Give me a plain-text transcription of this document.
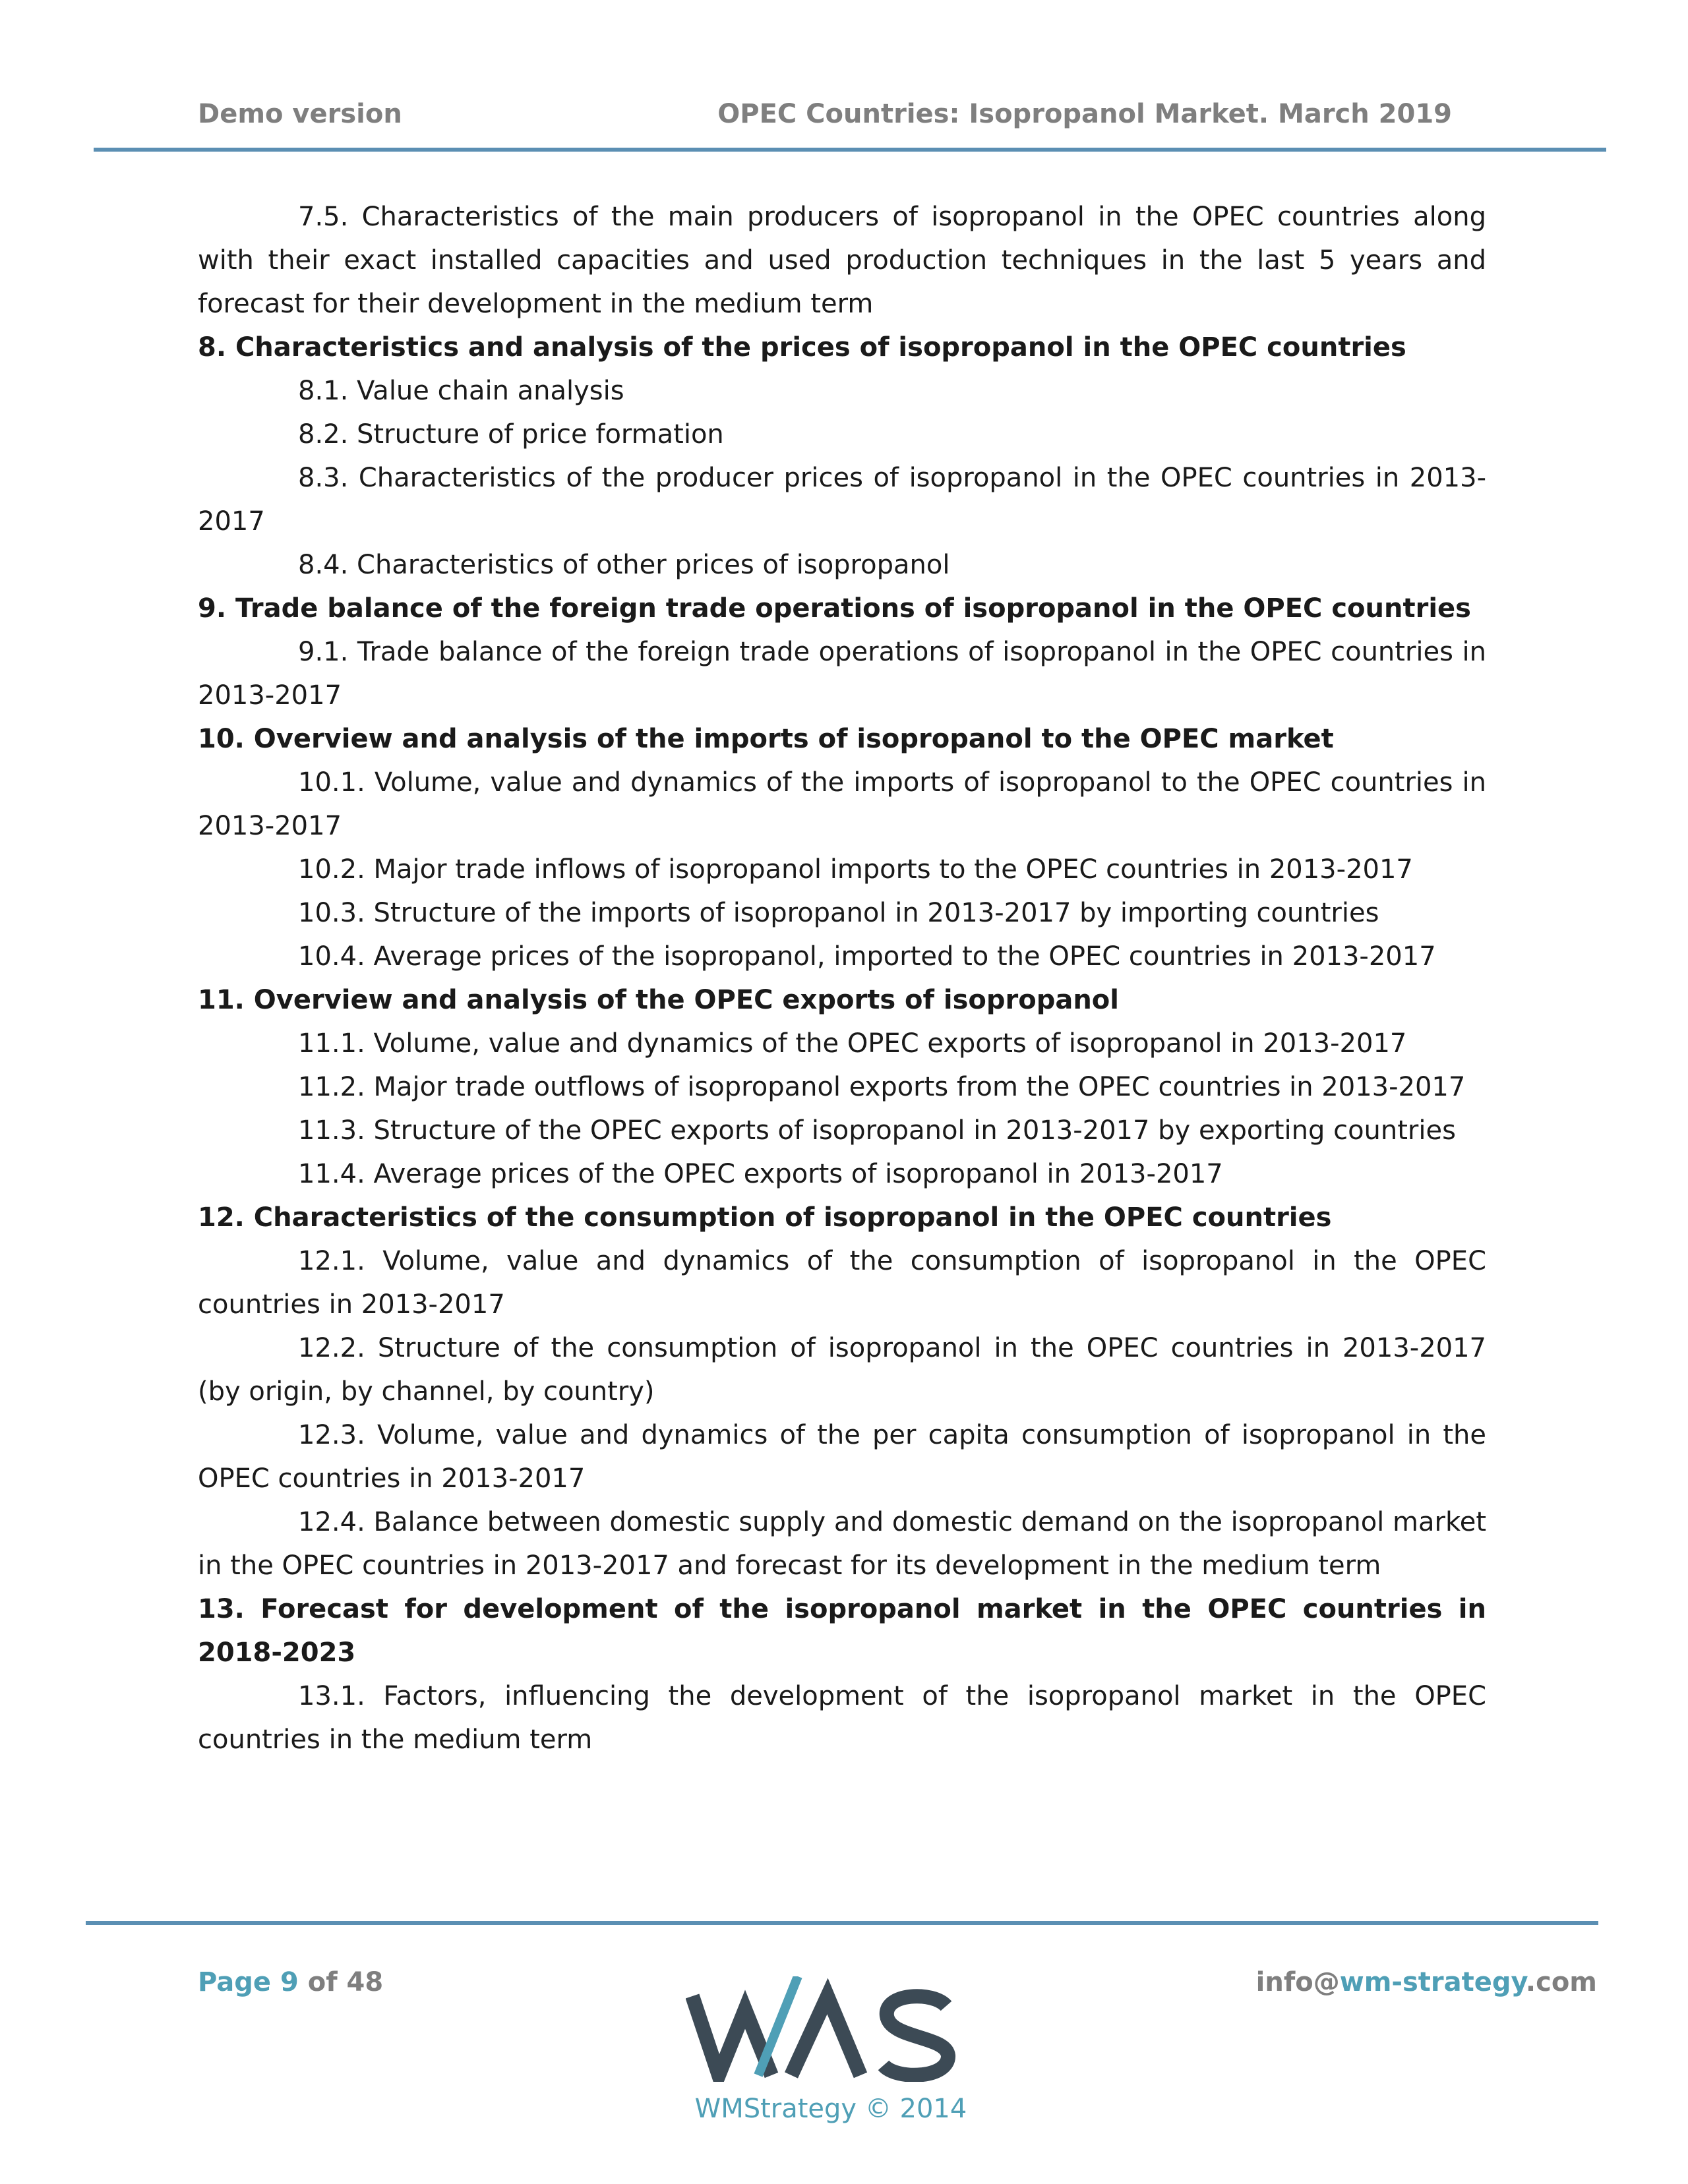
Demo version	OPEC Countries: Isopropanol Market. March 2019

7.5. Characteristics of the main producers of isopropanol in the OPEC countries along with their exact installed capacities and used production techniques in the last 5 years and forecast for their development in the medium term

8. Characteristics and analysis of the prices of isopropanol in the OPEC countries

8.1. Value chain analysis

8.2. Structure of price formation

8.3. Characteristics of the producer prices of isopropanol in the OPEC countries in 2013-2017

8.4. Characteristics of other prices of isopropanol

9. Trade balance of the foreign trade operations of isopropanol in the OPEC countries

9.1. Trade balance of the foreign trade operations of isopropanol in the OPEC countries in 2013-2017

10. Overview and analysis of the imports of isopropanol to the OPEC market

10.1. Volume, value and dynamics of the imports of isopropanol to the OPEC countries in 2013-2017

10.2. Major trade inflows of isopropanol imports to the OPEC countries in 2013-2017

10.3. Structure of the imports of isopropanol in 2013-2017 by importing countries

10.4. Average prices of the isopropanol, imported to the OPEC countries in 2013-2017

11. Overview and analysis of the OPEC exports of isopropanol

11.1. Volume, value and dynamics of the OPEC exports of isopropanol in 2013-2017

11.2. Major trade outflows of isopropanol exports from the OPEC countries in 2013-2017

11.3. Structure of the OPEC exports of isopropanol in 2013-2017 by exporting countries

11.4. Average prices of the OPEC exports of isopropanol in 2013-2017

12. Characteristics of the consumption of isopropanol in the OPEC countries

12.1. Volume, value and dynamics of the consumption of isopropanol in the OPEC countries in 2013-2017

12.2. Structure of the consumption of isopropanol in the OPEC countries in 2013-2017 (by origin, by channel, by country)

12.3. Volume, value and dynamics of the per capita consumption of isopropanol in the OPEC countries in 2013-2017

12.4. Balance between domestic supply and domestic demand on the isopropanol market in the OPEC countries in 2013-2017 and forecast for its development in the medium term

13. Forecast for development of the isopropanol market in the OPEC countries in 2018-2023

13.1. Factors, influencing the development of the isopropanol market in the OPEC countries in the medium term

Page 9 of 48
WMStrategy © 2014
info@wm-strategy.com
